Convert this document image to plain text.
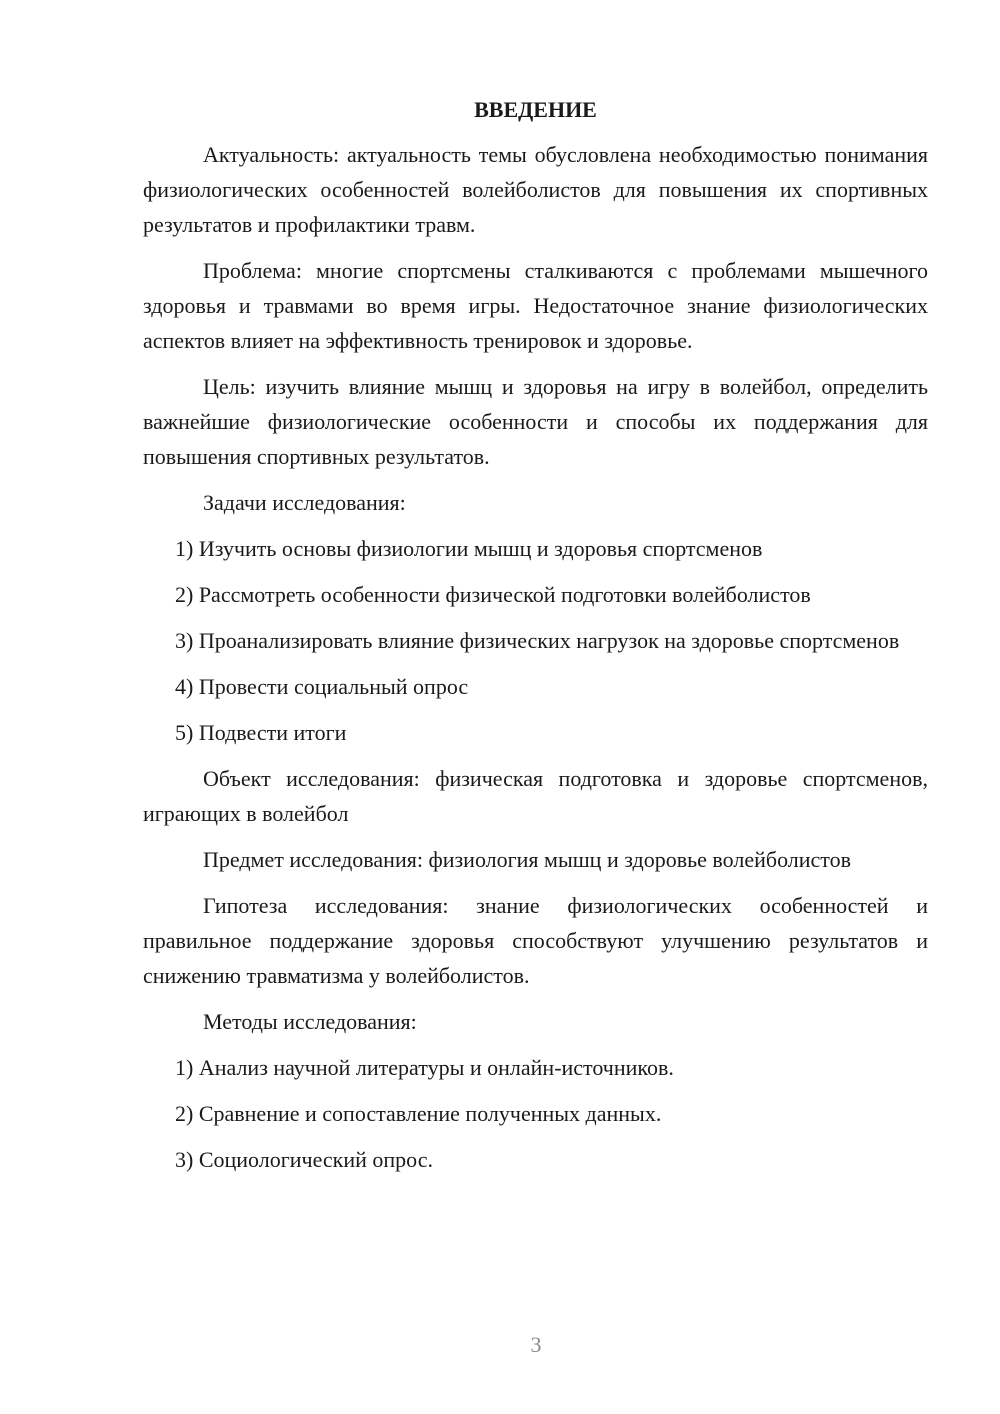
ВВЕДЕНИЕ

Актуальность: актуальность темы обусловлена необходимостью понимания физиологических особенностей волейболистов для повышения их спортивных результатов и профилактики травм.

Проблема: многие спортсмены сталкиваются с проблемами мышечного здоровья и травмами во время игры. Недостаточное знание физиологических аспектов влияет на эффективность тренировок и здоровье.

Цель: изучить влияние мышц и здоровья на игру в волейбол, определить важнейшие физиологические особенности и способы их поддержания для повышения спортивных результатов.

Задачи исследования:

1) Изучить основы физиологии мышц и здоровья спортсменов

2) Рассмотреть особенности физической подготовки волейболистов

3) Проанализировать влияние физических нагрузок на здоровье спортсменов

4) Провести социальный опрос

5) Подвести итоги

Объект исследования: физическая подготовка и здоровье спортсменов, играющих в волейбол

Предмет исследования: физиология мышц и здоровье волейболистов

Гипотеза исследования: знание физиологических особенностей и правильное поддержание здоровья способствуют улучшению результатов и снижению травматизма у волейболистов.

Методы исследования:

1) Анализ научной литературы и онлайн-источников.

2) Сравнение и сопоставление полученных данных.

3) Социологический опрос.

3
